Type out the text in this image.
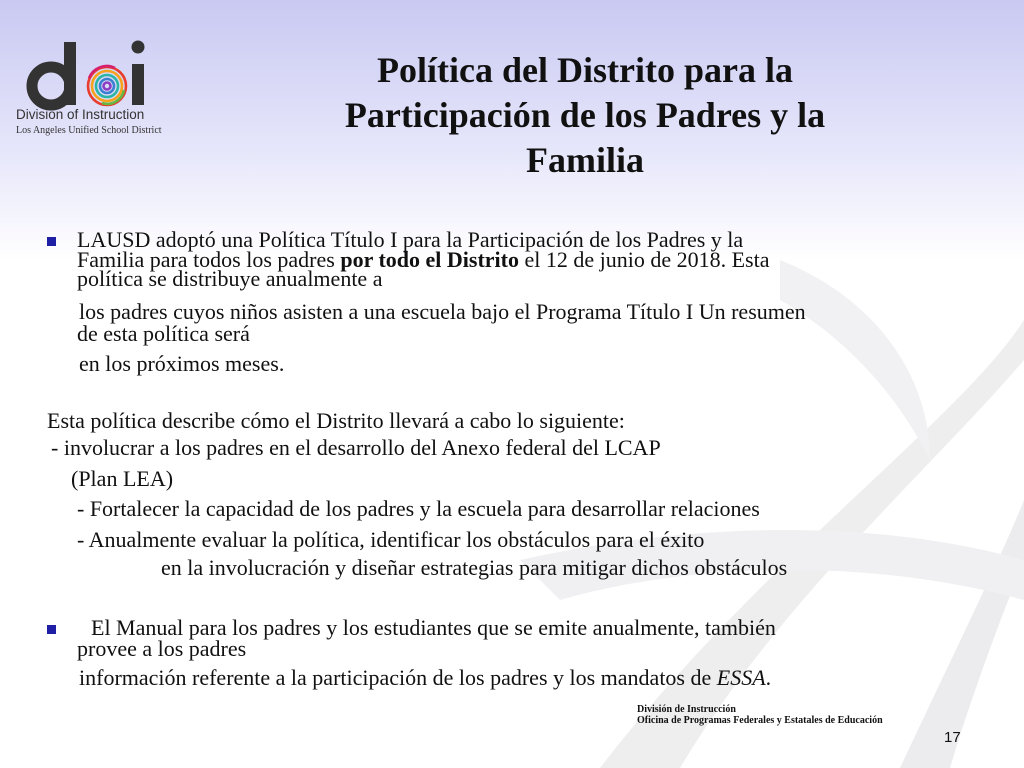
Division of Instruction
Los Angeles Unified School District
Política del Distrito para la
Participación de los Padres y la
Familia
LAUSD adoptó una Política Título I para la Participación de los Padres y la
Familia para todos los padres por todo el Distrito el 12 de junio de 2018. Esta
política se distribuye anualmente a
los padres cuyos niños asisten a una escuela bajo el Programa Título I Un resumen
de esta política será
en los próximos meses.
Esta política describe cómo el Distrito llevará a cabo lo siguiente:
- involucrar a los padres en el desarrollo del Anexo federal del LCAP
(Plan LEA)
- Fortalecer la capacidad de los padres y la escuela para desarrollar relaciones
- Anualmente evaluar la política, identificar los obstáculos para el éxito
en la involucración y diseñar estrategias para mitigar dichos obstáculos
El Manual para los padres y los estudiantes que se emite anualmente, también
provee a los padres
información referente a la participación de los padres y los mandatos de ESSA.
División de Instrucción
Oficina de Programas Federales y Estatales de Educación
17
